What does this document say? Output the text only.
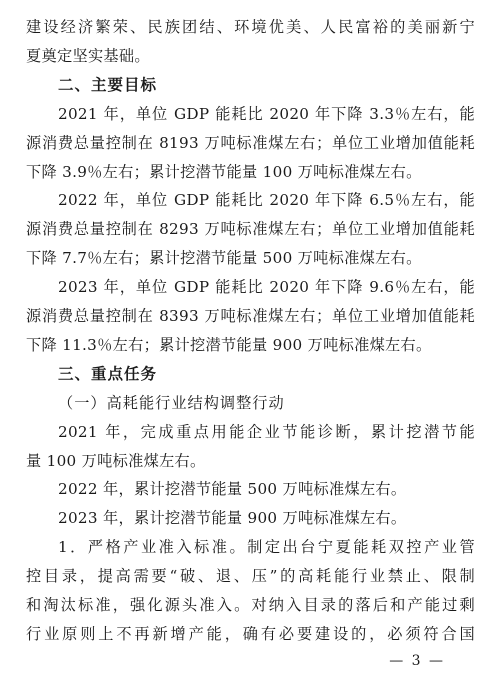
建设经济繁荣、民族团结、环境优美、人民富裕的美丽新宁
夏奠定坚实基础。
二、主要目标
2021 年，单位 GDP 能耗比 2020 年下降 3.3％左右，能
源消费总量控制在 8193 万吨标准煤左右；单位工业增加值能耗
下降 3.9％左右；累计挖潜节能量 100 万吨标准煤左右。
2022 年，单位 GDP 能耗比 2020 年下降 6.5％左右，能
源消费总量控制在 8293 万吨标准煤左右；单位工业增加值能耗
下降 7.7％左右；累计挖潜节能量 500 万吨标准煤左右。
2023 年，单位 GDP 能耗比 2020 年下降 9.6％左右，能
源消费总量控制在 8393 万吨标准煤左右；单位工业增加值能耗
下降 11.3％左右；累计挖潜节能量 900 万吨标准煤左右。
三、重点任务
（一）高耗能行业结构调整行动
2021 年，完成重点用能企业节能诊断，累计挖潜节能
量 100 万吨标准煤左右。
2022 年，累计挖潜节能量 500 万吨标准煤左右。
2023 年，累计挖潜节能量 900 万吨标准煤左右。
1．严格产业准入标准。制定出台宁夏能耗双控产业管
控目录，提高需要“破、退、压”的高耗能行业禁止、限制
和淘汰标准，强化源头准入。对纳入目录的落后和产能过剩
行业原则上不再新增产能，确有必要建设的，必须符合国
— 3 —
